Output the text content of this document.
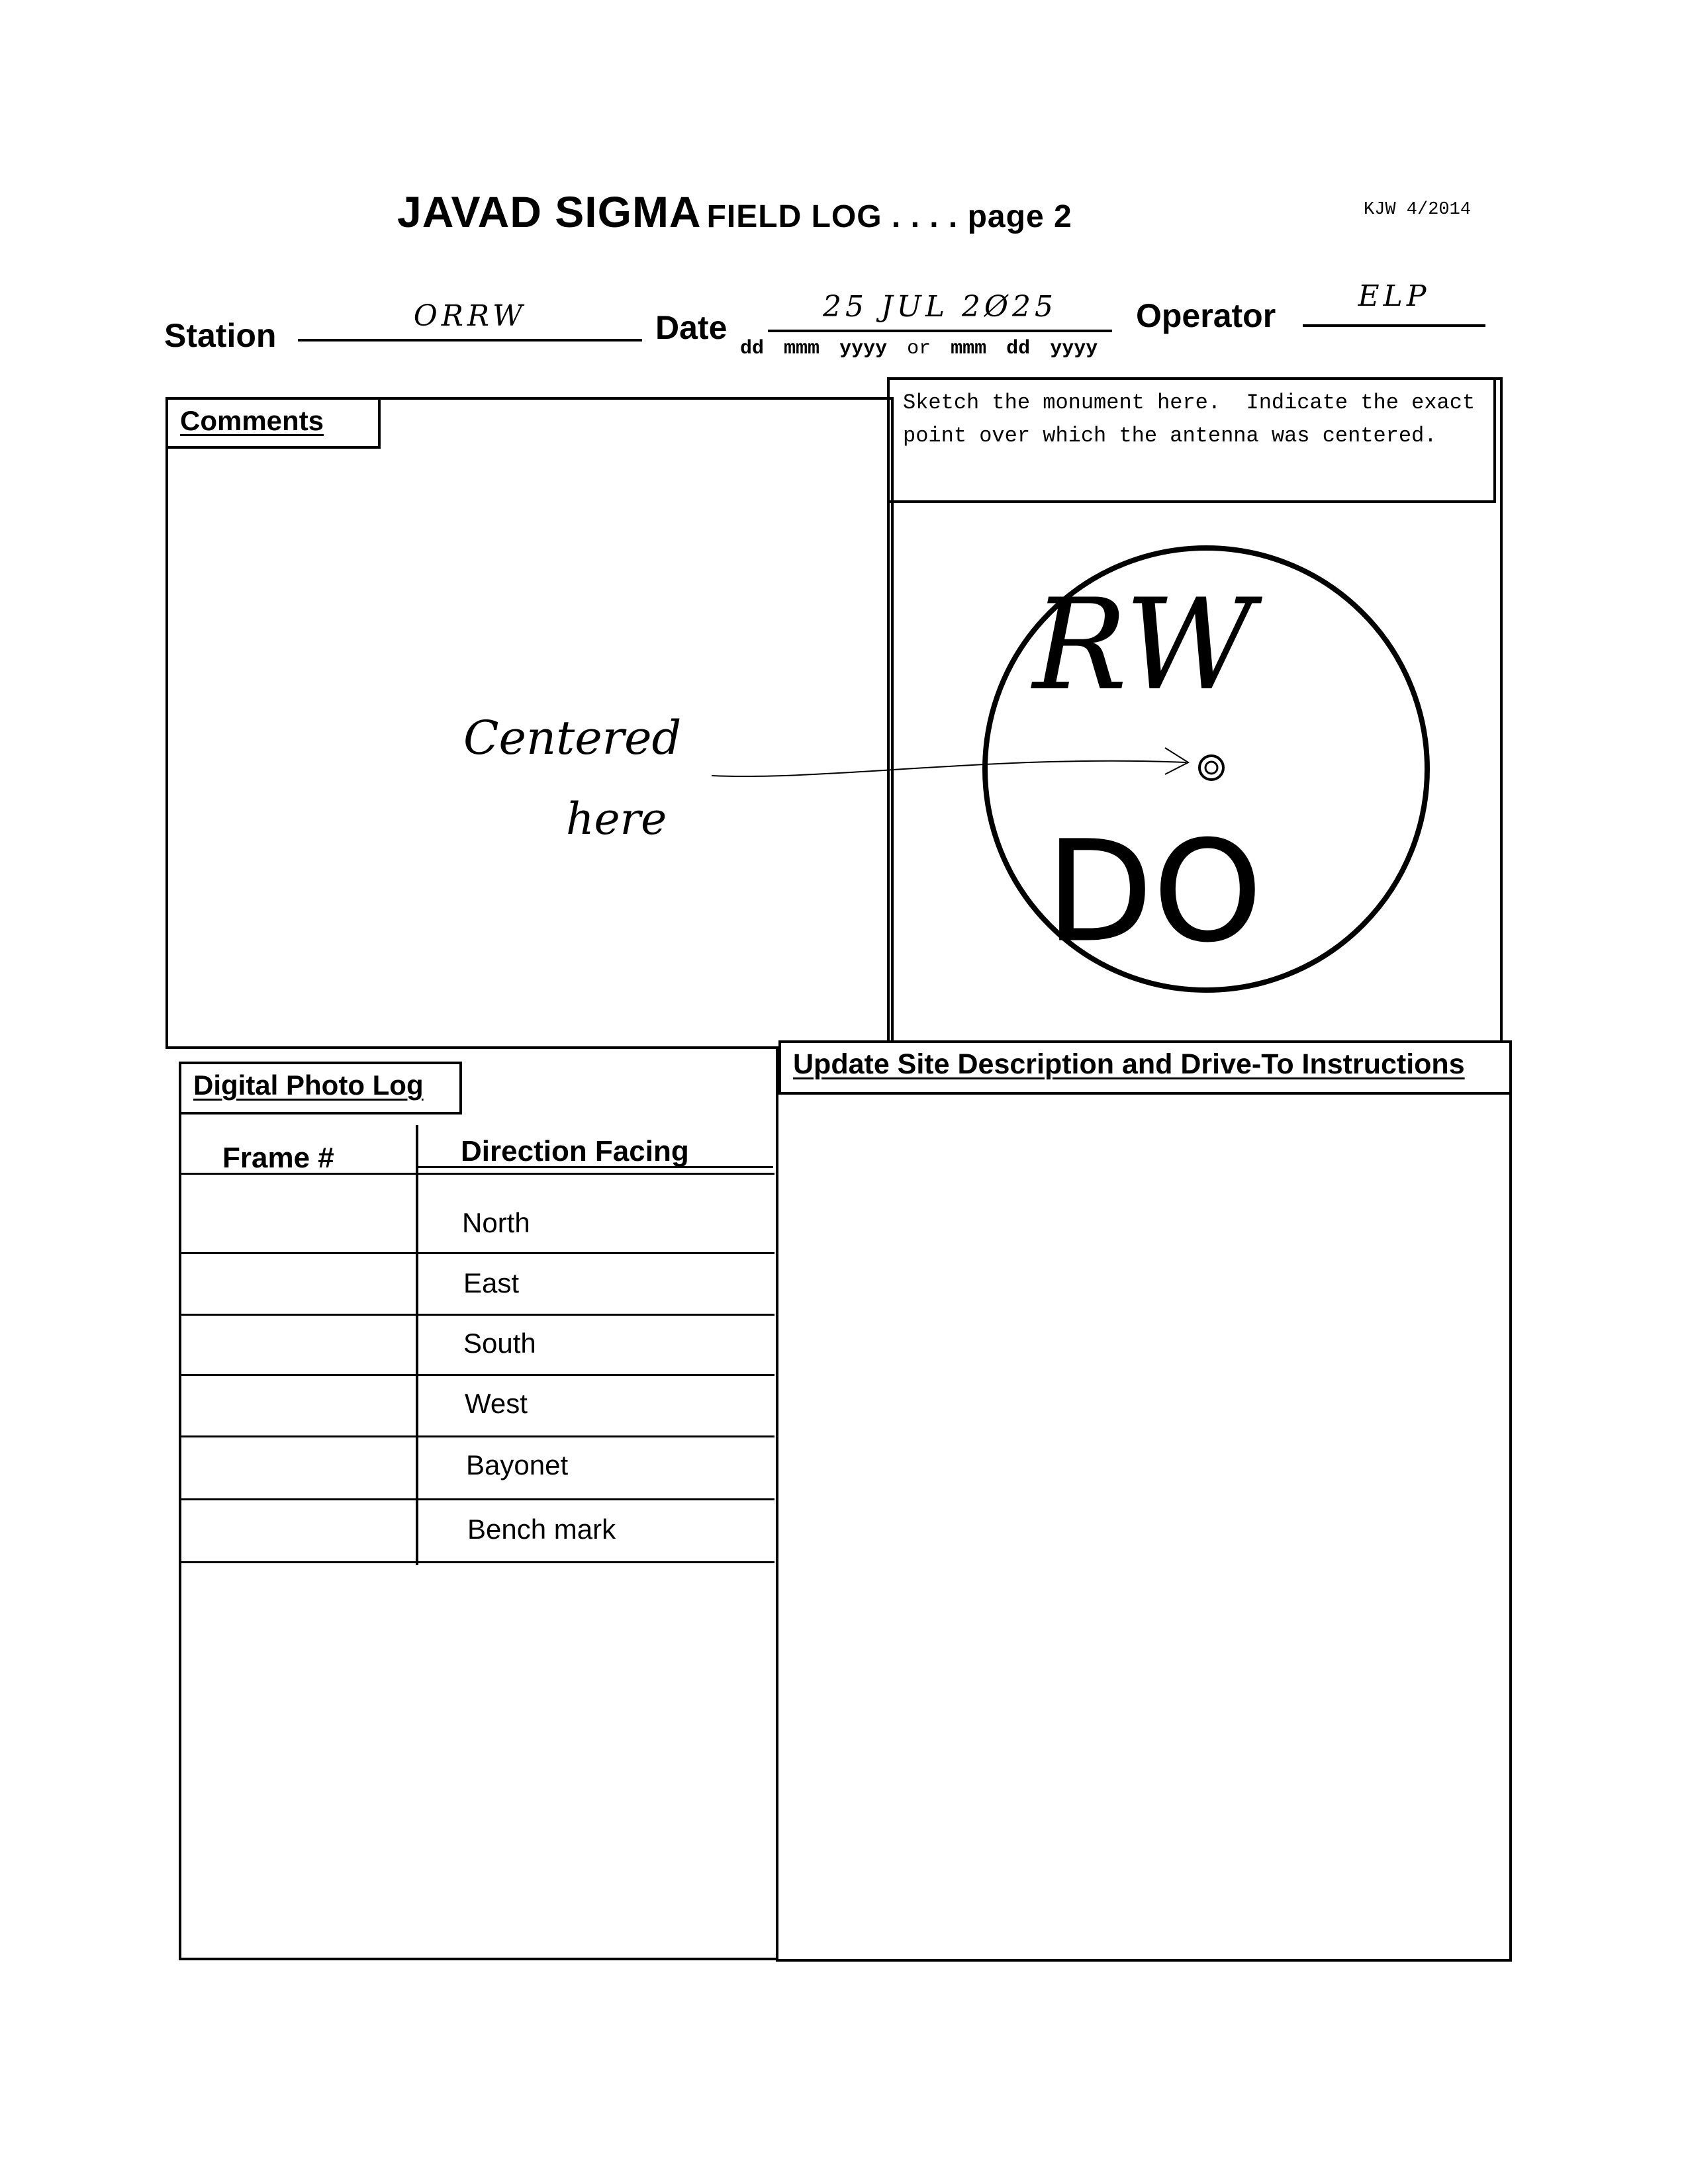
JAVAD SIGMA FIELD LOG . . . . page 2	KJW 4/2014
Station
ORRW	Date
25 JUL 2Ø25
dd mmm yyyy or mmm dd yyyy
Operator
ELP
Comments
Centered
here
Sketch the monument here.  Indicate the exact point over which the antenna was centered.
RW
DO
Digital Photo Log
Frame #	Direction Facing
North
East
South
West
Bayonet
Bench mark
Update Site Description and Drive-To Instructions
